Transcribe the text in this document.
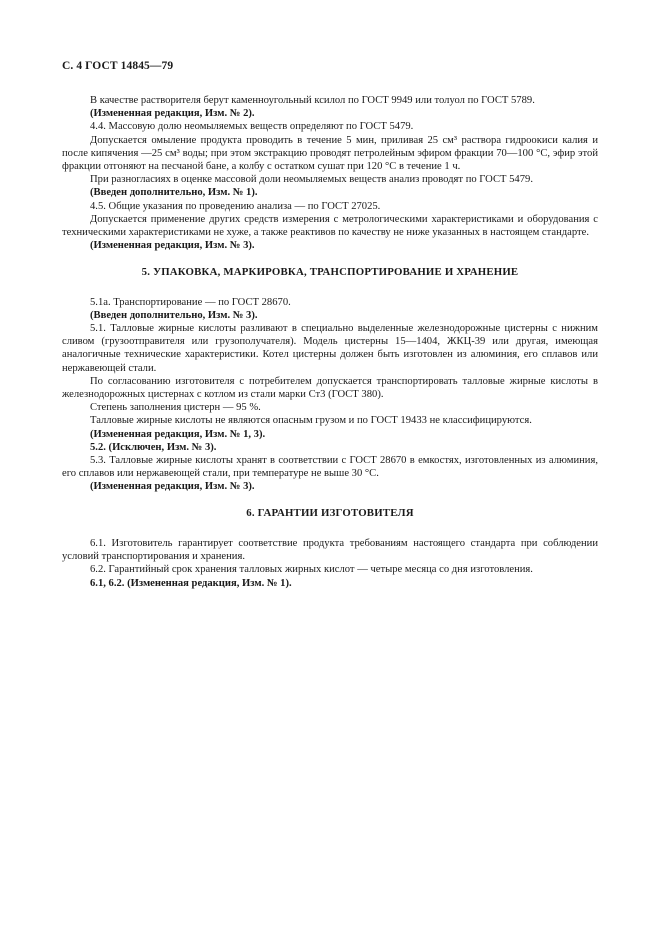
С. 4 ГОСТ 14845—79

В качестве растворителя берут каменноугольный ксилол по ГОСТ 9949 или толуол по ГОСТ 5789.

(Измененная редакция, Изм. № 2).

4.4. Массовую долю неомыляемых веществ определяют по ГОСТ 5479.

Допускается омыление продукта проводить в течение 5 мин, приливая 25 см³ раствора гидроокиси калия и после кипячения —25 см³ воды; при этом экстракцию проводят петролейным эфиром фракции 70—100 °С, эфир этой фракции отгоняют на песчаной бане, а колбу с остатком сушат при 120 °С в течение 1 ч.

При разногласиях в оценке массовой доли неомыляемых веществ анализ проводят по ГОСТ 5479.

(Введен дополнительно, Изм. № 1).

4.5. Общие указания по проведению анализа — по ГОСТ 27025.

Допускается применение других средств измерения с метрологическими характеристиками и оборудования с техническими характеристиками не хуже, а также реактивов по качеству не ниже указанных в настоящем стандарте.

(Измененная редакция, Изм. № 3).

5. УПАКОВКА, МАРКИРОВКА, ТРАНСПОРТИРОВАНИЕ И ХРАНЕНИЕ

5.1а. Транспортирование — по ГОСТ 28670.

(Введен дополнительно, Изм. № 3).

5.1. Талловые жирные кислоты разливают в специально выделенные железнодорожные цистерны с нижним сливом (грузоотправителя или грузополучателя). Модель цистерны 15—1404, ЖКЦ-39 или другая, имеющая аналогичные технические характеристики. Котел цистерны должен быть изготовлен из алюминия, его сплавов или нержавеющей стали.

По согласованию изготовителя с потребителем допускается транспортировать талловые жирные кислоты в железнодорожных цистернах с котлом из стали марки Ст3 (ГОСТ 380).

Степень заполнения цистерн — 95 %.

Талловые жирные кислоты не являются опасным грузом и по ГОСТ 19433 не классифицируются.

(Измененная редакция, Изм. № 1, 3).

5.2. (Исключен, Изм. № 3).

5.3. Талловые жирные кислоты хранят в соответствии с ГОСТ 28670 в емкостях, изготовленных из алюминия, его сплавов или нержавеющей стали, при температуре не выше 30 °С.

(Измененная редакция, Изм. № 3).

6. ГАРАНТИИ ИЗГОТОВИТЕЛЯ

6.1. Изготовитель гарантирует соответствие продукта требованиям настоящего стандарта при соблюдении условий транспортирования и хранения.

6.2. Гарантийный срок хранения талловых жирных кислот — четыре месяца со дня изготовления.

6.1, 6.2. (Измененная редакция, Изм. № 1).
